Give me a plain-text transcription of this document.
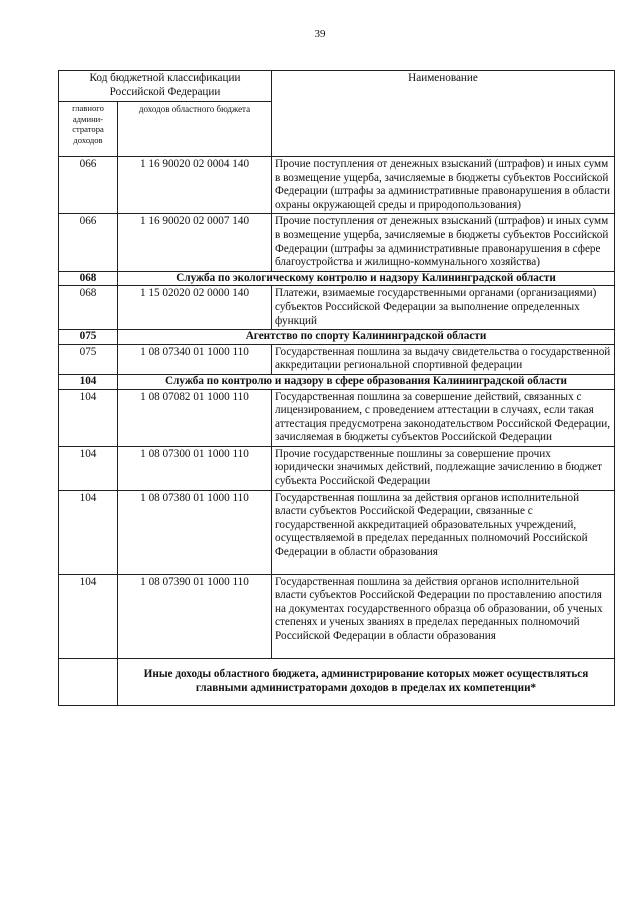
39
Код бюджетной классификации Российской Федерации		Наименование
главного админи-стратора доходов	доходов областного бюджета	
066	1 16 90020 02 0004 140	Прочие поступления от денежных взысканий (штрафов) и иных сумм в возмещение ущерба, зачисляемые в бюджеты субъектов Российской Федерации (штрафы за административные правонарушения в области охраны окружающей среды и природопользования)
066	1 16 90020 02 0007 140	Прочие поступления от денежных взысканий (штрафов) и иных сумм в возмещение ущерба, зачисляемые в бюджеты субъектов Российской Федерации (штрафы за административные правонарушения в сфере благоустройства и жилищно-коммунального хозяйства)
068	Служба по экологическому контролю и надзору Калининградской области	
068	1 15 02020 02 0000 140	Платежи, взимаемые государственными органами (организациями) субъектов Российской Федерации за выполнение определенных функций
075	Агентство по спорту Калининградской области	
075	1 08 07340 01 1000 110	Государственная пошлина за выдачу свидетельства о государственной аккредитации региональной спортивной федерации
104	Служба по контролю и надзору в сфере образования Калининградской области	
104	1 08 07082 01 1000 110	Государственная пошлина за совершение действий, связанных с лицензированием, с проведением аттестации в случаях, если такая аттестация предусмотрена законодательством Российской Федерации, зачисляемая в бюджеты субъектов Российской Федерации
104	1 08 07300 01 1000 110	Прочие государственные пошлины за совершение прочих юридически значимых действий, подлежащие зачислению в бюджет субъекта Российской Федерации
104	1 08 07380 01 1000 110	Государственная пошлина за действия органов исполнительной власти субъектов Российской Федерации, связанные с государственной аккредитацией образовательных учреждений, осуществляемой в пределах переданных полномочий Российской Федерации в области образования
104	1 08 07390 01 1000 110	Государственная пошлина за действия органов исполнительной власти субъектов Российской Федерации по проставлению апостиля на документах государственного образца об образовании, об ученых степенях и ученых званиях в пределах переданных полномочий Российской Федерации в области образования
	Иные доходы областного бюджета, администрирование которых может осуществляться главными администраторами доходов в пределах их компетенции*	
